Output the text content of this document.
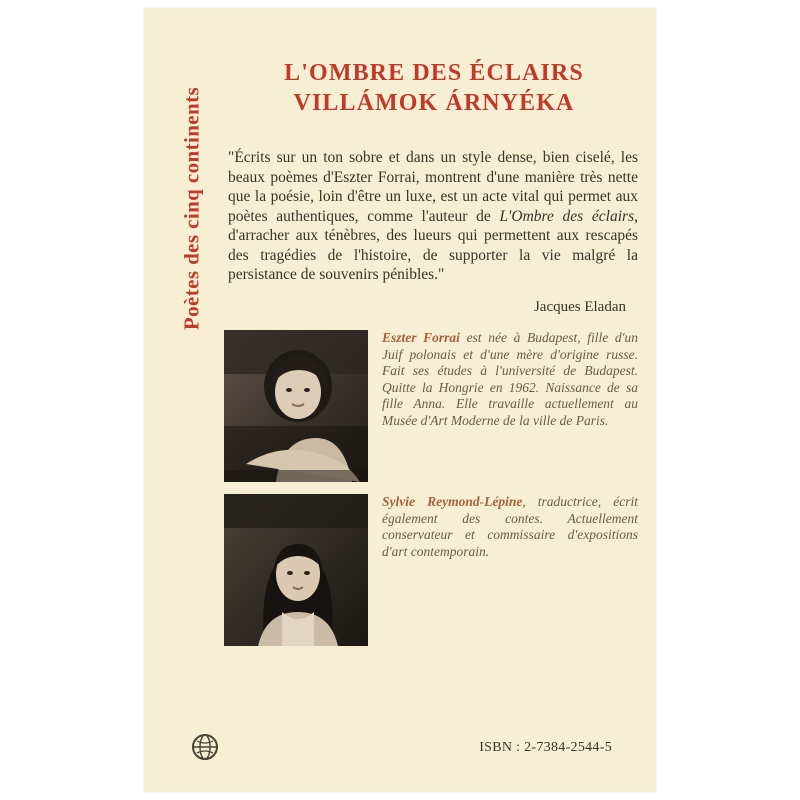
Poètes des cinq continents
L'OMBRE DES ÉCLAIRS
VILLÁMOK ÁRNYÉKA
"Écrits sur un ton sobre et dans un style dense, bien ciselé, les beaux poèmes d'Eszter Forrai, montrent d'une manière très nette que la poésie, loin d'être un luxe, est un acte vital qui permet aux poètes authentiques, comme l'auteur de L'Ombre des éclairs, d'arracher aux ténèbres, des lueurs qui permettent aux rescapés des tragédies de l'histoire, de supporter la vie malgré la persistance de souvenirs pénibles."
Jacques Eladan
Eszter Forrai est née à Budapest, fille d'un Juif polonais et d'une mère d'origine russe. Fait ses études à l'université de Budapest. Quitte la Hongrie en 1962. Naissance de sa fille Anna. Elle travaille actuellement au Musée d'Art Moderne de la ville de Paris.
Sylvie Reymond-Lépine, traductrice, écrit également des contes. Actuellement conservateur et commissaire d'expositions d'art contemporain.
ISBN : 2-7384-2544-5
